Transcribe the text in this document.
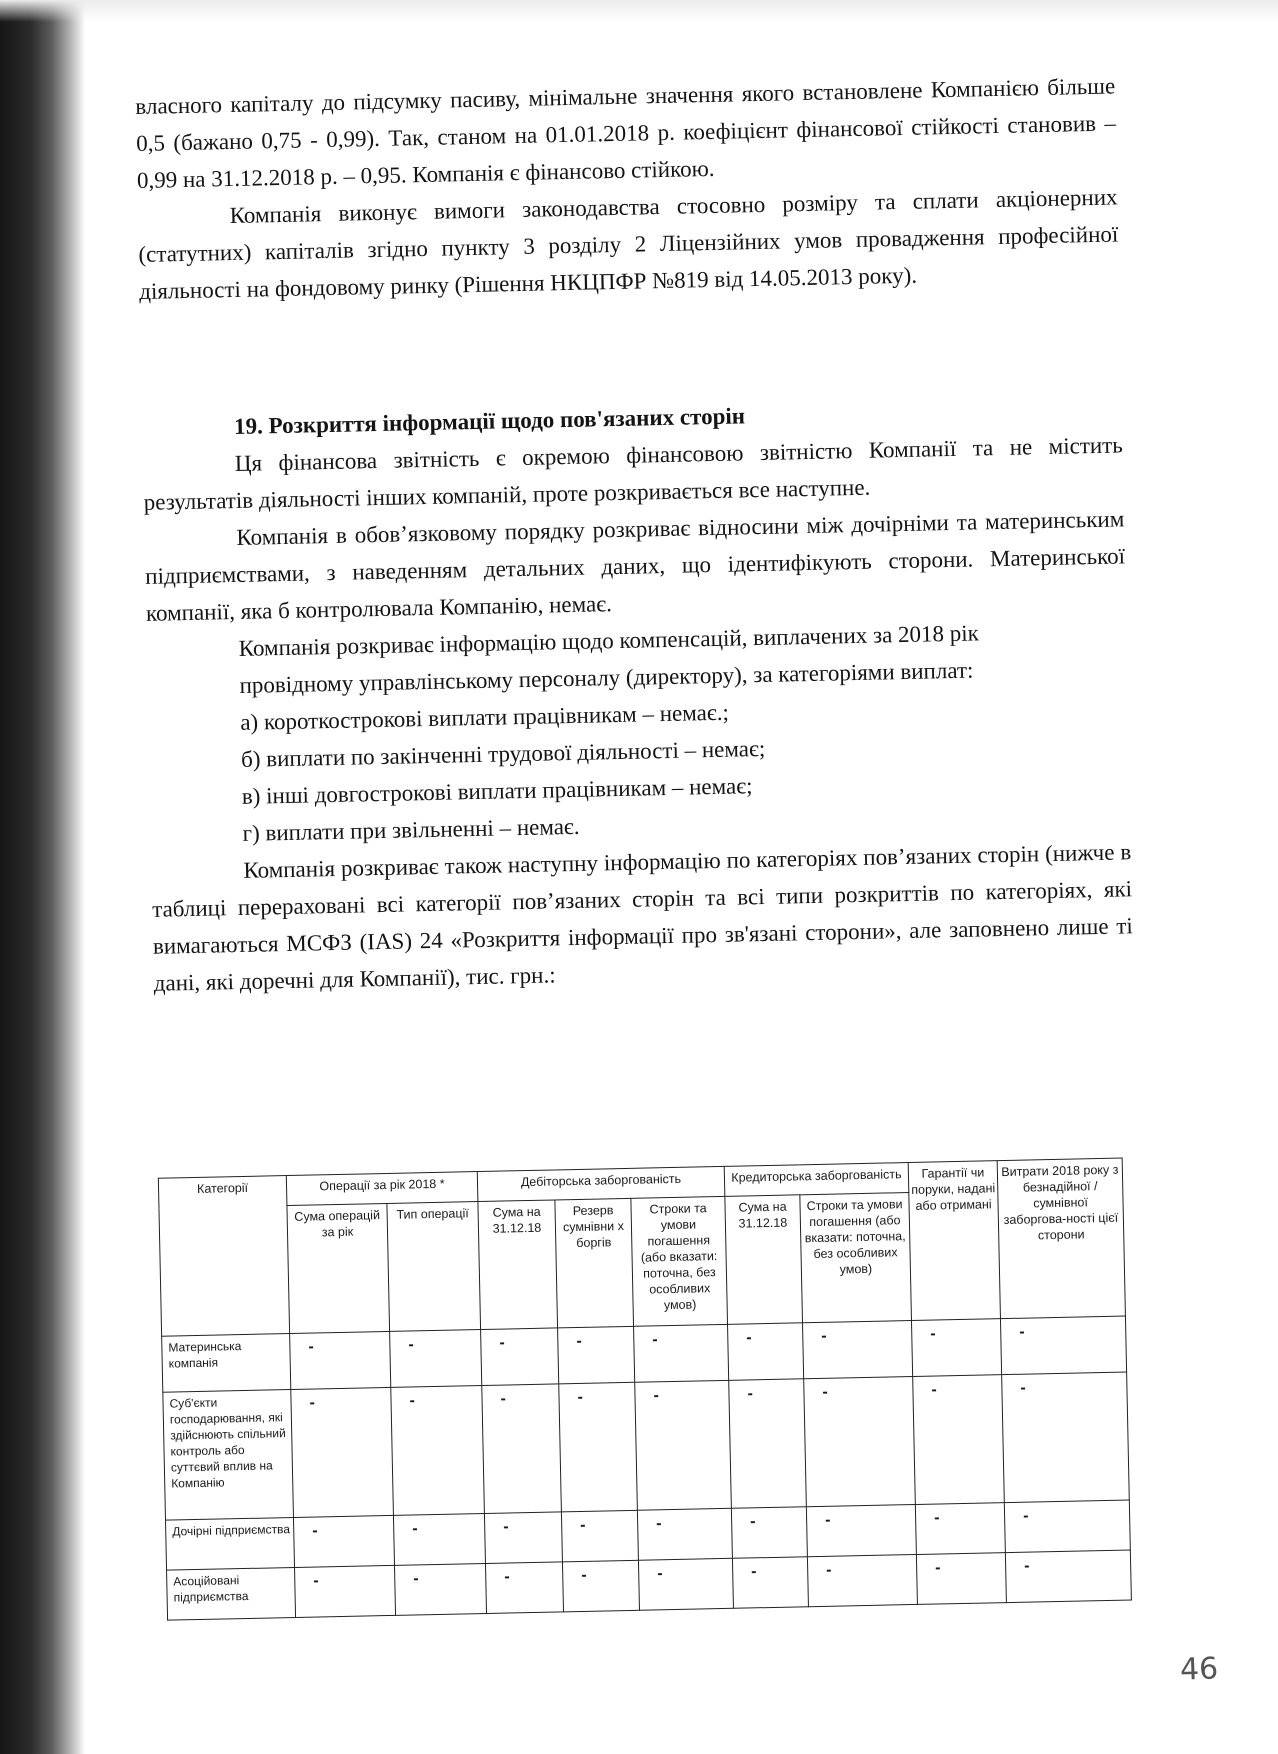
власного капіталу до підсумку пасиву, мінімальне значення якого встановлене Компанією більше 0,5 (бажано 0,75 - 0,99). Так, станом на 01.01.2018 р. коефіцієнт фінансової стійкості становив – 0,99 на 31.12.2018 р. – 0,95. Компанія є фінансово стійкою.

Компанія виконує вимоги законодавства стосовно розміру та сплати акціонерних (статутних) капіталів згідно пункту 3 розділу 2 Ліцензійних умов провадження професійної діяльності на фондовому ринку (Рішення НКЦПФР №819 від 14.05.2013 року).

19. Розкриття інформації щодо пов'язаних сторін

Ця фінансова звітність є окремою фінансовою звітністю Компанії та не містить результатів діяльності інших компаній, проте розкривається все наступне.

Компанія в обов’язковому порядку розкриває відносини між дочірніми та материнським підприємствами, з наведенням детальних даних, що ідентифікують сторони. Материнської компанії, яка б контролювала Компанію, немає.

Компанія розкриває інформацію щодо компенсацій, виплачених за 2018 рік

провідному управлінському персоналу (директору), за категоріями виплат:

а) короткострокові виплати працівникам – немає.;

б) виплати по закінченні трудової діяльності – немає;

в) інші довгострокові виплати працівникам – немає;

г) виплати при звільненні – немає.

Компанія розкриває також наступну інформацію по категоріях пов’язаних сторін (нижче в таблиці перераховані всі категорії пов’язаних сторін та всі типи розкриттів по категоріях, які вимагаються МСФЗ (IAS) 24 «Розкриття інформації про зв'язані сторони», але заповнено лише ті дані, які доречні для Компанії), тис. грн.:

Категорії	Операції за рік 2018 *		Дебіторська заборгованість			Кредиторська заборгованість		Гарантії чи поруки, надані або отримані	Витрати 2018 року з безнадійної / сумнівної заборгова-ності цієї сторони
	Сума операцій за рік	Тип операції	Сума на 31.12.18	Резерв сумнівни х боргів	Строки та умови погашення (або вказати: поточна, без особливих умов)	Сума на 31.12.18	Строки та умови погашення (або вказати: поточна, без особливих умов)		
Материнська компанія	-	-	-	-	-	-	-	-	-
Суб'єкти господарювання, які здійснюють спільний контроль або суттєвий вплив на Компанію	-	-	-	-	-	-	-	-	-
Дочірні підприємства	-	-	-	-	-	-	-	-	-
Асоційовані підприємства	-	-	-	-	-	-	-	-	-
46
